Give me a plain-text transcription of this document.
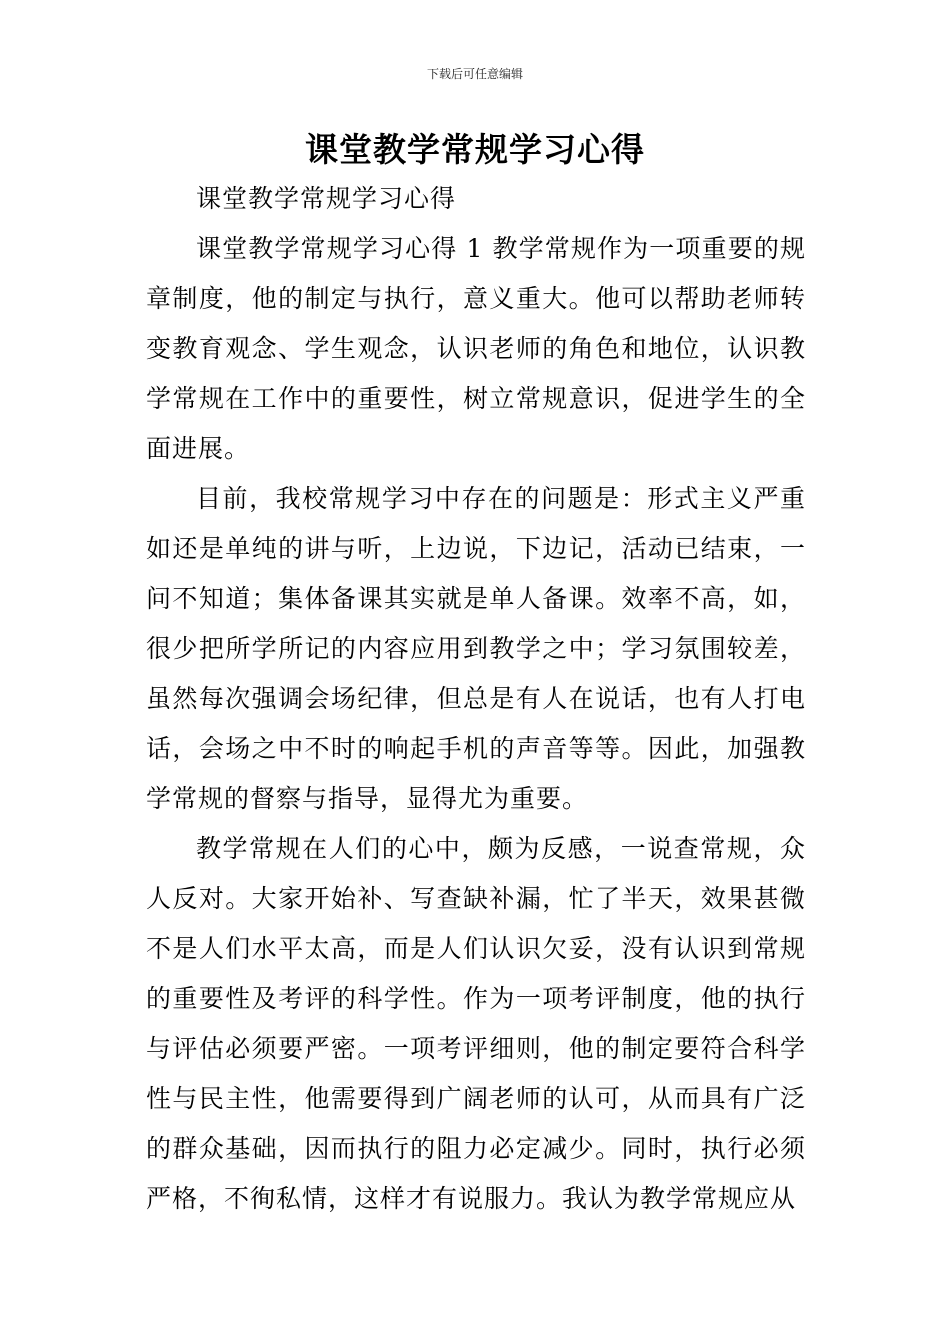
下载后可任意编辑
课堂教学常规学习心得

课堂教学常规学习心得

课堂教学常规学习心得 1 教学常规作为一项重要的规章制度，他的制定与执行，意义重大。他可以帮助老师转变教育观念、学生观念，认识老师的角色和地位，认识教学常规在工作中的重要性，树立常规意识，促进学生的全面进展。

目前，我校常规学习中存在的问题是：形式主义严重如还是单纯的讲与听，上边说，下边记，活动已结束，一问不知道；集体备课其实就是单人备课。效率不高，如，很少把所学所记的内容应用到教学之中；学习氛围较差，虽然每次强调会场纪律，但总是有人在说话，也有人打电话，会场之中不时的响起手机的声音等等。因此，加强教学常规的督察与指导，显得尤为重要。

教学常规在人们的心中，颇为反感，一说查常规，众人反对。大家开始补、写查缺补漏，忙了半天，效果甚微不是人们水平太高，而是人们认识欠妥，没有认识到常规的重要性及考评的科学性。作为一项考评制度，他的执行与评估必须要严密。一项考评细则，他的制定要符合科学性与民主性，他需要得到广阔老师的认可，从而具有广泛的群众基础，因而执行的阻力必定减少。同时，执行必须严格，不徇私情，这样才有说服力。我认为教学常规应从
